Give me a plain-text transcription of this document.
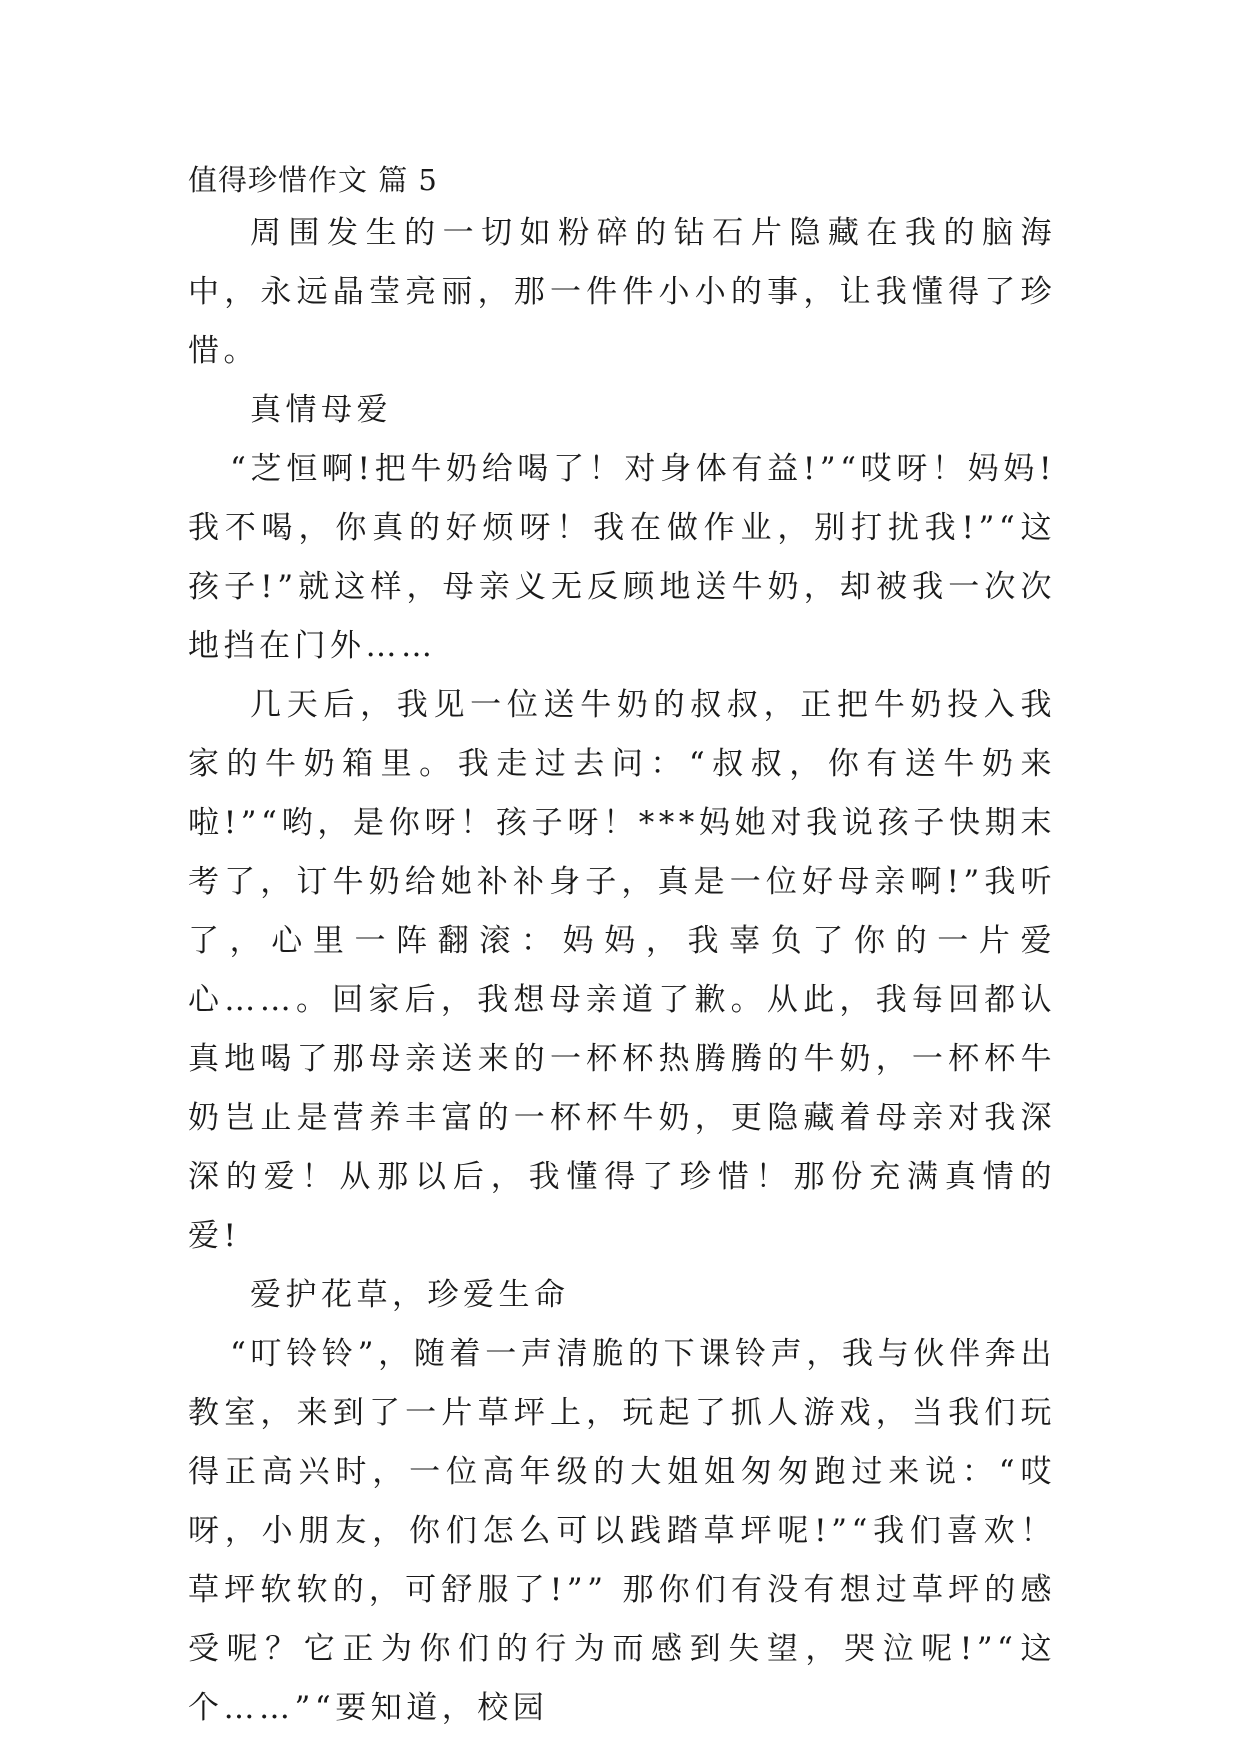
值得珍惜作文 篇 5

周围发生的一切如粉碎的钻石片隐藏在我的脑海中，永远晶莹亮丽，那一件件小小的事，让我懂得了珍惜。

真情母爱

“芝恒啊!把牛奶给喝了！对身体有益!”“哎呀！妈妈!我不喝，你真的好烦呀！我在做作业，别打扰我!”“这孩子!”就这样，母亲义无反顾地送牛奶，却被我一次次地挡在门外……

几天后，我见一位送牛奶的叔叔，正把牛奶投入我家的牛奶箱里。我走过去问：“叔叔，你有送牛奶来啦!”“哟，是你呀！孩子呀！***妈她对我说孩子快期末考了，订牛奶给她补补身子，真是一位好母亲啊!”我听了，心里一阵翻滚：妈妈，我辜负了你的一片爱心……。回家后，我想母亲道了歉。从此，我每回都认真地喝了那母亲送来的一杯杯热腾腾的牛奶，一杯杯牛奶岂止是营养丰富的一杯杯牛奶，更隐藏着母亲对我深深的爱！从那以后，我懂得了珍惜！那份充满真情的爱!

爱护花草，珍爱生命

“叮铃铃”，随着一声清脆的下课铃声，我与伙伴奔出教室，来到了一片草坪上，玩起了抓人游戏，当我们玩得正高兴时，一位高年级的大姐姐匆匆跑过来说：“哎呀，小朋友，你们怎么可以践踏草坪呢!”“我们喜欢！草坪软软的，可舒服了!”” 那你们有没有想过草坪的感受呢？它正为你们的行为而感到失望，哭泣呢!”“这个……”“要知道，校园
